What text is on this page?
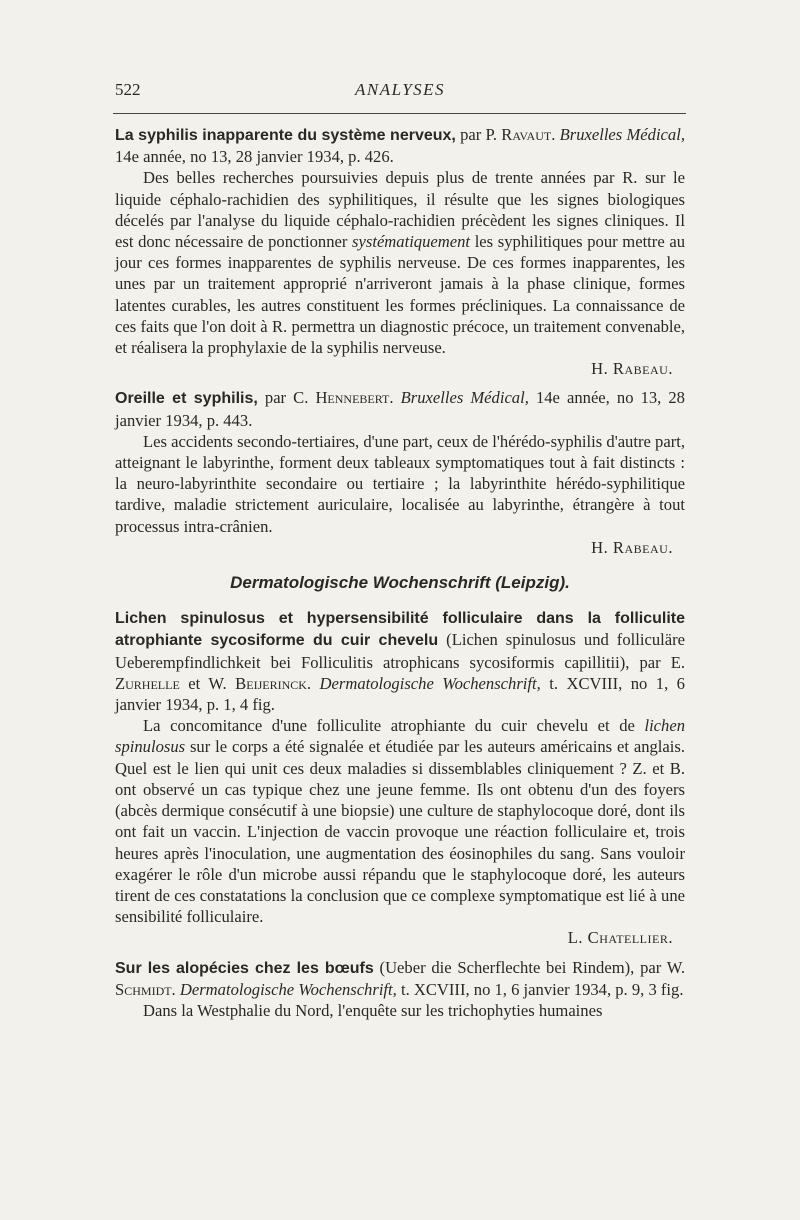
522	ANALYSES

La syphilis inapparente du système nerveux, par P. Ravaut. Bruxelles Médical, 14e année, no 13, 28 janvier 1934, p. 426.

Des belles recherches poursuivies depuis plus de trente années par R. sur le liquide céphalo-rachidien des syphilitiques, il résulte que les signes biologiques décelés par l'analyse du liquide céphalo-rachidien précèdent les signes cliniques. Il est donc nécessaire de ponctionner systématiquement les syphilitiques pour mettre au jour ces formes inapparentes de syphilis nerveuse. De ces formes inapparentes, les unes par un traitement approprié n'arriveront jamais à la phase clinique, formes latentes curables, les autres constituent les formes précliniques. La connaissance de ces faits que l'on doit à R. permettra un diagnostic précoce, un traitement convenable, et réalisera la prophylaxie de la syphilis nerveuse.

H. Rabeau.

Oreille et syphilis, par C. Hennebert. Bruxelles Médical, 14e année, no 13, 28 janvier 1934, p. 443.

Les accidents secondo-tertiaires, d'une part, ceux de l'hérédo-syphilis d'autre part, atteignant le labyrinthe, forment deux tableaux symptomatiques tout à fait distincts : la neuro-labyrinthite secondaire ou tertiaire ; la labyrinthite hérédo-syphilitique tardive, maladie strictement auriculaire, localisée au labyrinthe, étrangère à tout processus intra-crânien.

H. Rabeau.

Dermatologische Wochenschrift (Leipzig).

Lichen spinulosus et hypersensibilité folliculaire dans la folliculite atrophiante sycosiforme du cuir chevelu (Lichen spinulosus und folliculäre Ueberempfindlichkeit bei Folliculitis atrophicans sycosiformis capillitii), par E. Zurhelle et W. Beijerinck. Dermatologische Wochenschrift, t. XCVIII, no 1, 6 janvier 1934, p. 1, 4 fig.

La concomitance d'une folliculite atrophiante du cuir chevelu et de lichen spinulosus sur le corps a été signalée et étudiée par les auteurs américains et anglais. Quel est le lien qui unit ces deux maladies si dissemblables cliniquement ? Z. et B. ont observé un cas typique chez une jeune femme. Ils ont obtenu d'un des foyers (abcès dermique consécutif à une biopsie) une culture de staphylocoque doré, dont ils ont fait un vaccin. L'injection de vaccin provoque une réaction folliculaire et, trois heures après l'inoculation, une augmentation des éosinophiles du sang. Sans vouloir exagérer le rôle d'un microbe aussi répandu que le staphylocoque doré, les auteurs tirent de ces constatations la conclusion que ce complexe symptomatique est lié à une sensibilité folliculaire.

L. Chatellier.

Sur les alopécies chez les bœufs (Ueber die Scherflechte bei Rindem), par W. Schmidt. Dermatologische Wochenschrift, t. XCVIII, no 1, 6 janvier 1934, p. 9, 3 fig.

Dans la Westphalie du Nord, l'enquête sur les trichophyties humaines
